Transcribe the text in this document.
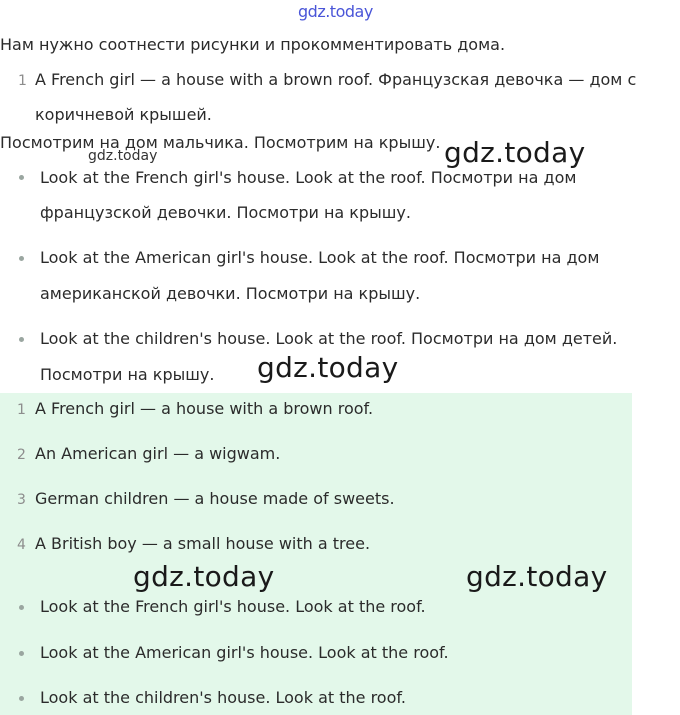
gdz.today
gdz.today	gdz.today
gdz.today
gdz.today	gdz.today
Нам нужно соотнести рисунки и прокомментировать дома.
1 A French girl — a house with a brown roof. Французская девочка — дом с
коричневой крышей.
Посмотрим на дом мальчика. Посмотрим на крышу.
Look at the French girl's house. Look at the roof. Посмотри на дом
французской девочки. Посмотри на крышу.
Look at the American girl's house. Look at the roof. Посмотри на дом
американской девочки. Посмотри на крышу.
Look at the children's house. Look at the roof. Посмотри на дом детей.
Посмотри на крышу.
1 A French girl — a house with a brown roof.
2 An American girl — a wigwam.
3 German children — a house made of sweets.
4 A British boy — a small house with a tree.
Look at the French girl's house. Look at the roof.
Look at the American girl's house. Look at the roof.
Look at the children's house. Look at the roof.
